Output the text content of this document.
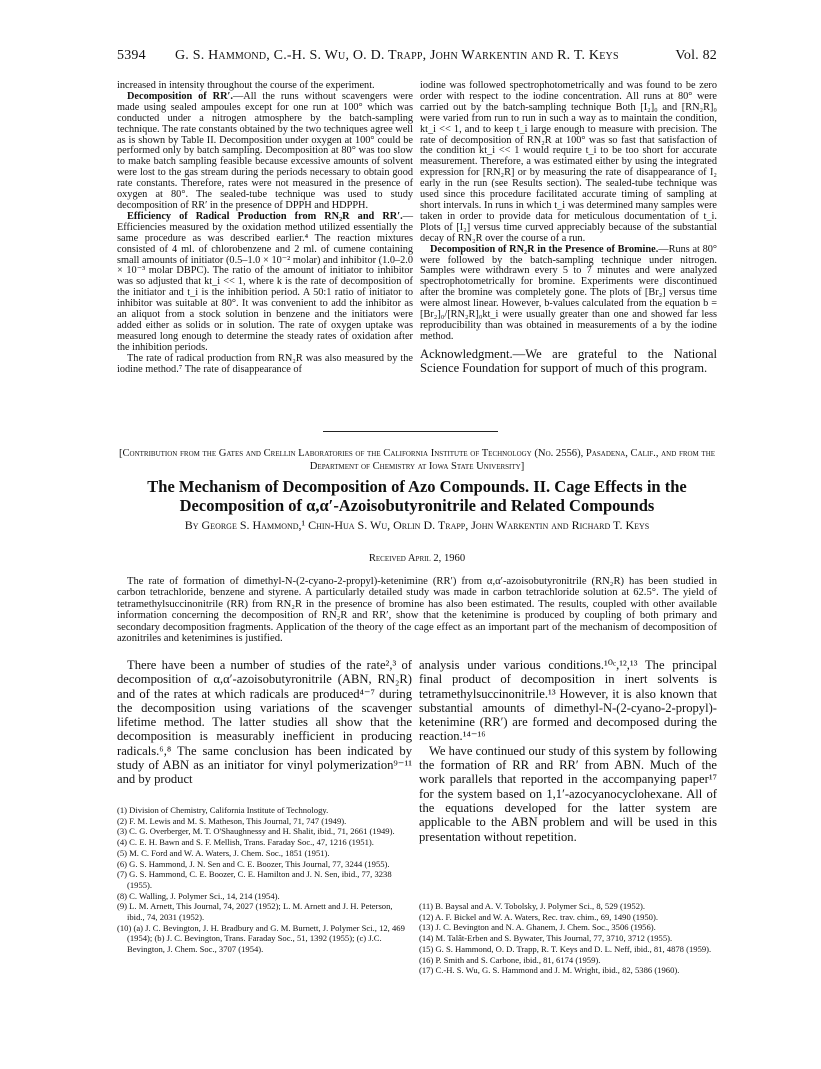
5394 G. S. Hammond, C.-H. S. Wu, O. D. Trapp, John Warkentin and R. T. Keys	Vol. 82

increased in intensity throughout the course of the experiment.

Decomposition of RR′.—All the runs without scavengers were made using sealed ampoules except for one run at 100° which was conducted under a nitrogen atmosphere by the batch-sampling technique. The rate constants obtained by the two techniques agree well as is shown by Table II. Decomposition under oxygen at 100° could be performed only by batch sampling. Decomposition at 80° was too slow to make batch sampling feasible because excessive amounts of solvent were lost to the gas stream during the periods necessary to obtain good rate constants. Therefore, rates were not measured in the presence of oxygen at 80°. The sealed-tube technique was used to study decomposition of RR′ in the presence of DPPH and HDPPH.

Efficiency of Radical Production from RN₂R and RR′.—Efficiencies measured by the oxidation method utilized essentially the same procedure as was described earlier.⁴ The reaction mixtures consisted of 4 ml. of chlorobenzene and 2 ml. of cumene containing small amounts of initiator (0.5–1.0 × 10⁻² molar) and inhibitor (1.0–2.0 × 10⁻³ molar DBPC). The ratio of the amount of initiator to inhibitor was so adjusted that kt_i << 1, where k is the rate of decomposition of the initiator and t_i is the inhibition period. A 50:1 ratio of initiator to inhibitor was suitable at 80°. It was convenient to add the inhibitor as an aliquot from a stock solution in benzene and the initiators were added either as solids or in solution. The rate of oxygen uptake was measured long enough to determine the steady rates of oxidation after the inhibition periods.

The rate of radical production from RN₂R was also measured by the iodine method.⁷ The rate of disappearance of

iodine was followed spectrophotometrically and was found to be zero order with respect to the iodine concentration. All runs at 80° were carried out by the batch-sampling technique Both [I₂]₀ and [RN₂R]₀ were varied from run to run in such a way as to maintain the condition, kt_i << 1, and to keep t_i large enough to measure with precision. The rate of decomposition of RN₂R at 100° was so fast that satisfaction of the condition kt_i << 1 would require t_i to be too short for accurate measurement. Therefore, a was estimated either by using the integrated expression for [RN₂R] or by measuring the rate of disappearance of I₂ early in the run (see Results section). The sealed-tube technique was used since this procedure facilitated accurate timing of sampling at short intervals. In runs in which t_i was determined many samples were taken in order to provide data for meticulous documentation of t_i. Plots of [I₂] versus time curved appreciably because of the substantial decay of RN₂R over the course of a run.

Decomposition of RN₂R in the Presence of Bromine.—Runs at 80° were followed by the batch-sampling technique under nitrogen. Samples were withdrawn every 5 to 7 minutes and were analyzed spectrophotometrically for bromine. Experiments were discontinued after the bromine was completely gone. The plots of [Br₂] versus time were almost linear. However, b-values calculated from the equation b = [Br₂]₀/[RN₂R]₀kt_i were usually greater than one and showed far less reproducibility than was obtained in measurements of a by the iodine method.

Acknowledgment.—We are grateful to the National Science Foundation for support of much of this program.

[Contribution from the Gates and Crellin Laboratories of the California Institute of Technology (No. 2556), Pasadena, Calif., and from the Department of Chemistry at Iowa State University]
The Mechanism of Decomposition of Azo Compounds. II. Cage Effects in the Decomposition of α,α′-Azoisobutyronitrile and Related Compounds
By George S. Hammond,¹ Chin-Hua S. Wu, Orlin D. Trapp, John Warkentin and Richard T. Keys
Received April 2, 1960

The rate of formation of dimethyl-N-(2-cyano-2-propyl)-ketenimine (RR′) from α,α′-azoisobutyronitrile (RN₂R) has been studied in carbon tetrachloride, benzene and styrene. A particularly detailed study was made in carbon tetrachloride solution at 62.5°. The yield of tetramethylsuccinonitrile (RR) from RN₂R in the presence of bromine has also been estimated. The results, coupled with other available information concerning the decomposition of RN₂R and RR′, show that the ketenimine is produced by coupling of both primary and secondary decomposition fragments. Application of the theory of the cage effect as an important part of the mechanism of decomposition of azonitriles and ketenimines is justified.

There have been a number of studies of the rate²,³ of decomposition of α,α′-azoisobutyronitrile (ABN, RN₂R) and of the rates at which radicals are produced⁴⁻⁷ during the decomposition using variations of the scavenger lifetime method. The latter studies all show that the decomposition is measurably inefficient in producing radicals.⁶,⁸ The same conclusion has been indicated by study of ABN as an initiator for vinyl polymerization⁹⁻¹¹ and by product

analysis under various conditions.¹⁰ᶜ,¹²,¹³ The principal final product of decomposition in inert solvents is tetramethylsuccinonitrile.¹³ However, it is also known that substantial amounts of dimethyl-N-(2-cyano-2-propyl)-ketenimine (RR′) are formed and decomposed during the reaction.¹⁴⁻¹⁶

We have continued our study of this system by following the formation of RR and RR′ from ABN. Much of the work parallels that reported in the accompanying paper¹⁷ for the system based on 1,1′-azocyanocyclohexane. All of the equations developed for the latter system are applicable to the ABN problem and will be used in this presentation without repetition.

(1) Division of Chemistry, California Institute of Technology.
(2) F. M. Lewis and M. S. Matheson, This Journal, 71, 747 (1949).
(3) C. G. Overberger, M. T. O'Shaughnessy and H. Shalit, ibid., 71, 2661 (1949).
(4) C. E. H. Bawn and S. F. Mellish, Trans. Faraday Soc., 47, 1216 (1951).
(5) M. C. Ford and W. A. Waters, J. Chem. Soc., 1851 (1951).
(6) G. S. Hammond, J. N. Sen and C. E. Boozer, This Journal, 77, 3244 (1955).
(7) G. S. Hammond, C. E. Boozer, C. E. Hamilton and J. N. Sen, ibid., 77, 3238 (1955).
(8) C. Walling, J. Polymer Sci., 14, 214 (1954).
(9) L. M. Arnett, This Journal, 74, 2027 (1952); L. M. Arnett and J. H. Peterson, ibid., 74, 2031 (1952).
(10) (a) J. C. Bevington, J. H. Bradbury and G. M. Burnett, J. Polymer Sci., 12, 469 (1954); (b) J. C. Bevington, Trans. Faraday Soc., 51, 1392 (1955); (c) J.C. Bevington, J. Chem. Soc., 3707 (1954).
(11) B. Baysal and A. V. Tobolsky, J. Polymer Sci., 8, 529 (1952).
(12) A. F. Bickel and W. A. Waters, Rec. trav. chim., 69, 1490 (1950).
(13) J. C. Bevington and N. A. Ghanem, J. Chem. Soc., 3506 (1956).
(14) M. Talât-Erben and S. Bywater, This Journal, 77, 3710, 3712 (1955).
(15) G. S. Hammond, O. D. Trapp, R. T. Keys and D. L. Neff, ibid., 81, 4878 (1959).
(16) P. Smith and S. Carbone, ibid., 81, 6174 (1959).
(17) C.-H. S. Wu, G. S. Hammond and J. M. Wright, ibid., 82, 5386 (1960).
